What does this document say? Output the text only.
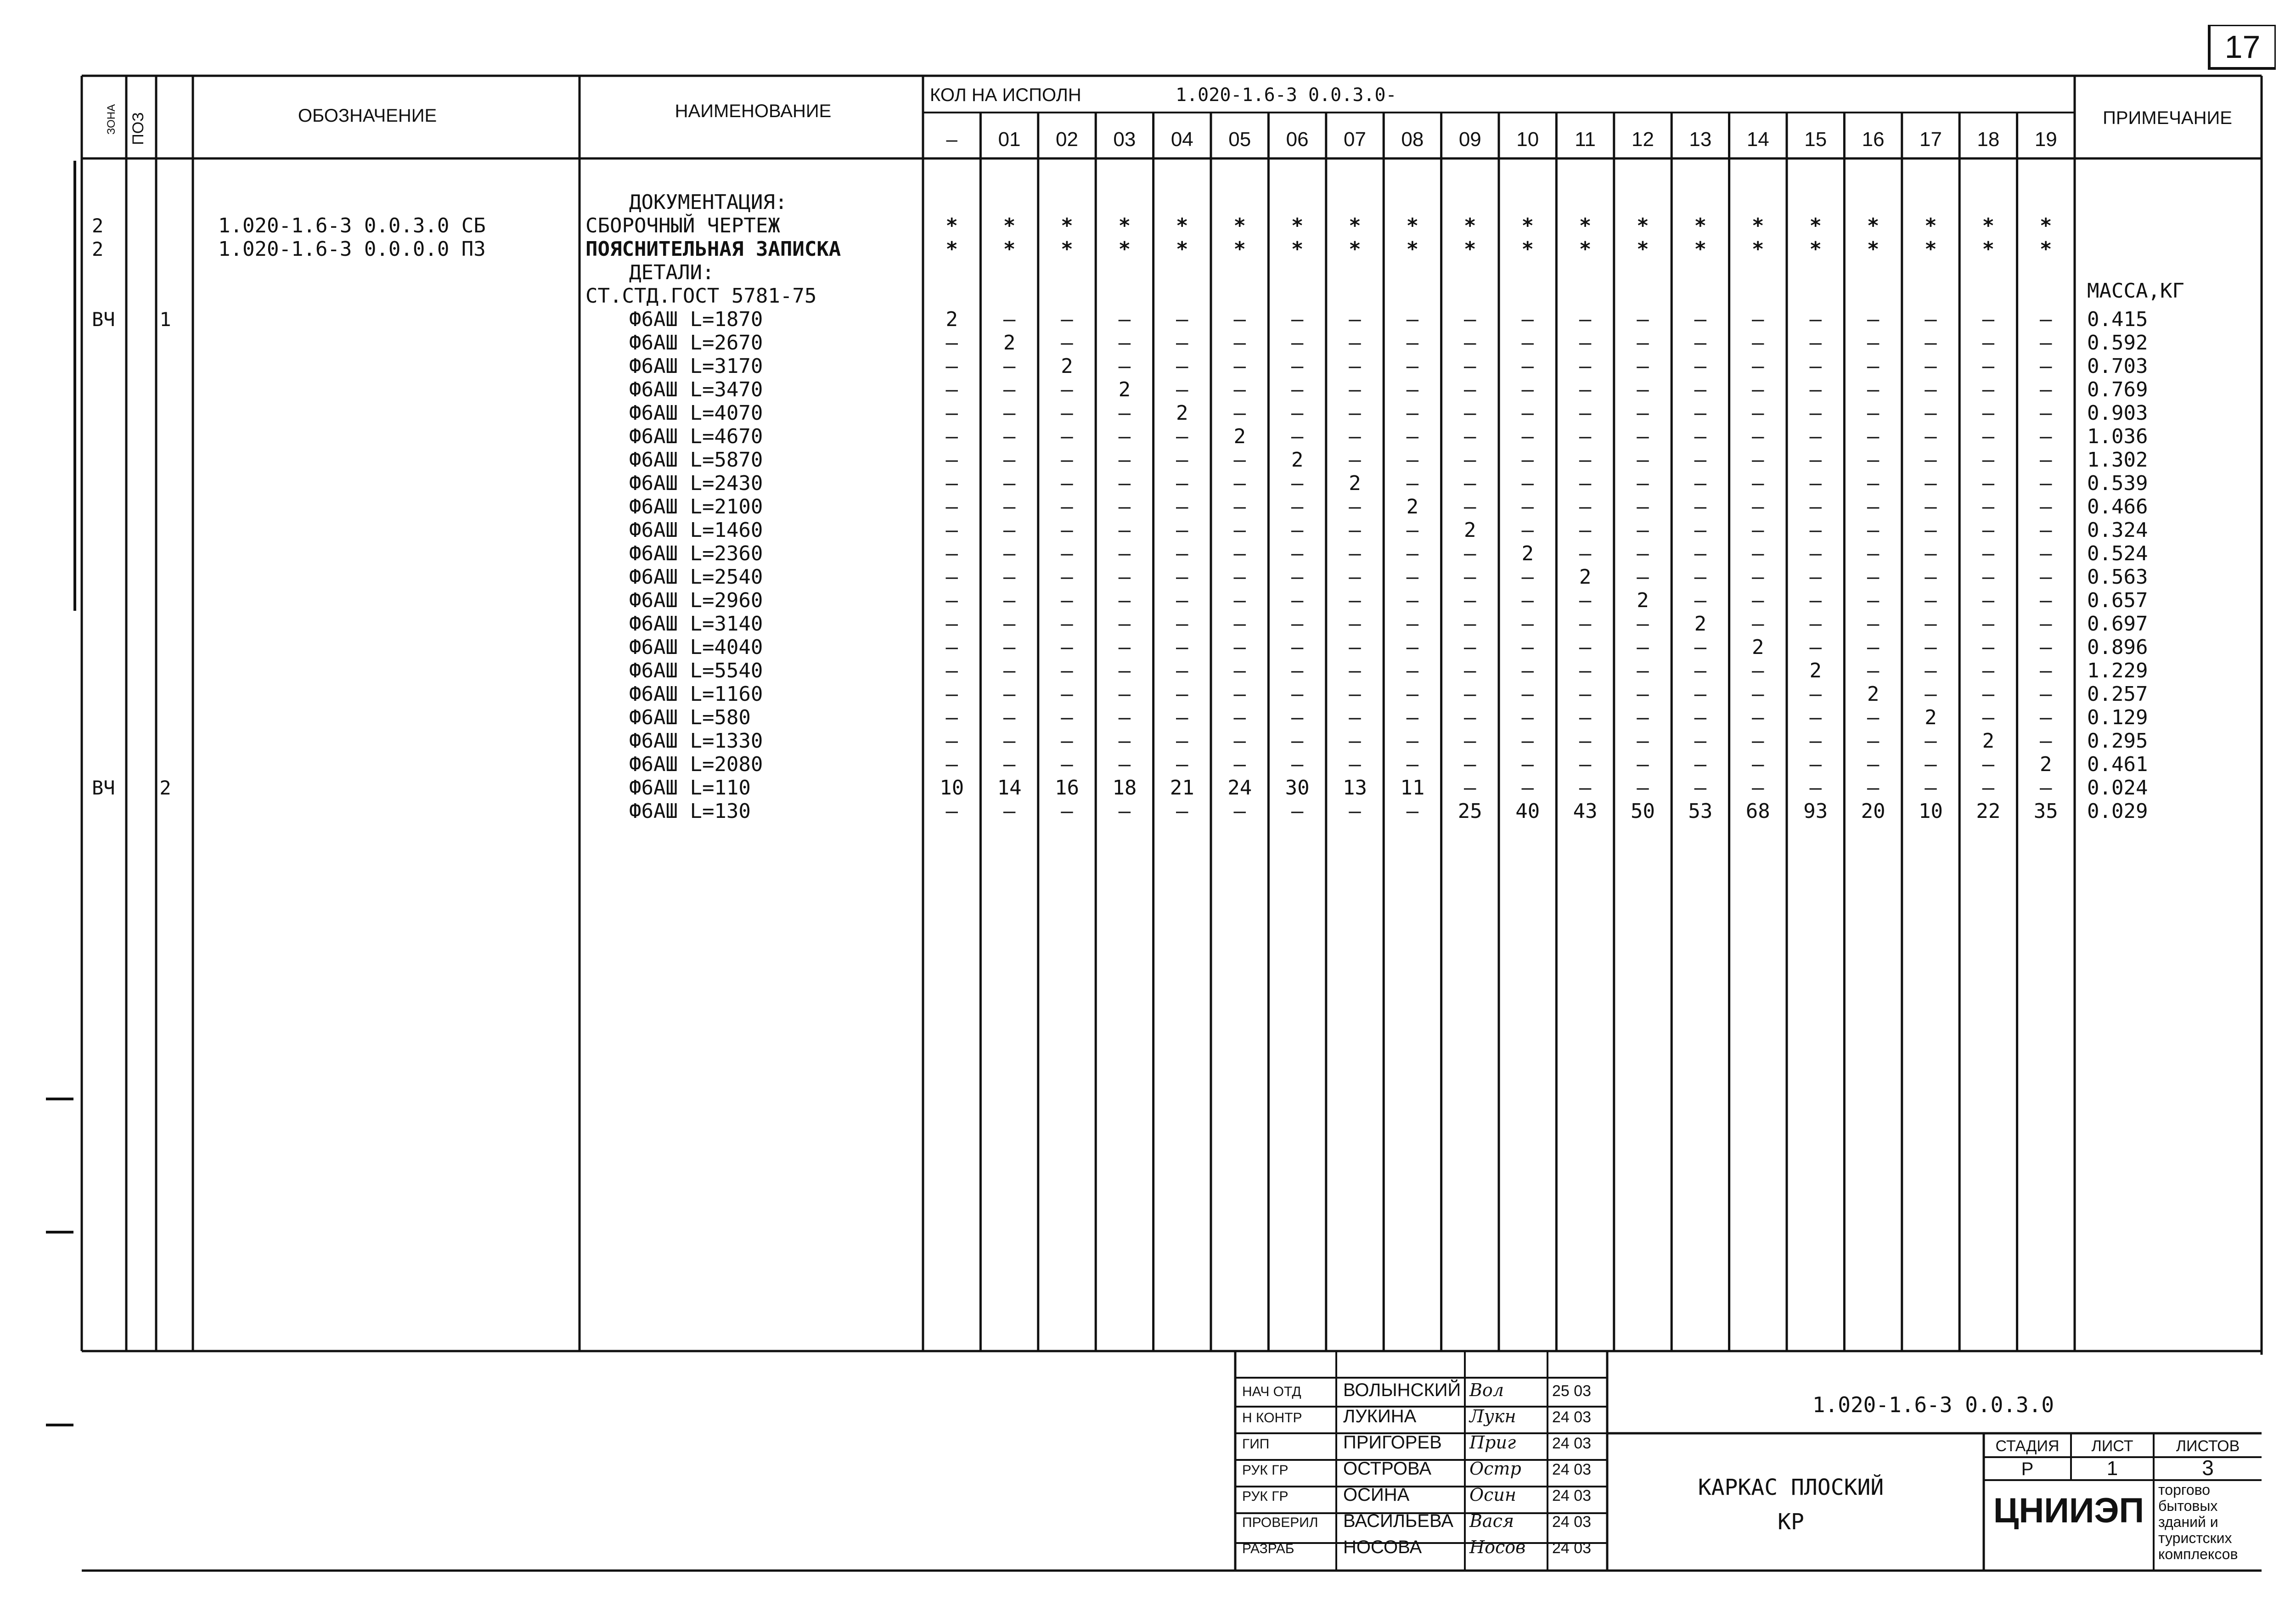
ЗОНА ПОЗ	ОБОЗНАЧЕНИЕ	НАИМЕНОВАНИЕ
КОЛ НА ИСПОЛН	1.020-1.6-3 0.0.3.0-
ПРИМЕЧАНИЕ
– 01 02 03 04 05 06 07 08 09 10 11 12 13 14 15 16 17 18 19
ДОКУМЕНТАЦИЯ:
2	1.020-1.6-3 0.0.3.0 СБ	СБОРОЧНЫЙ ЧЕРТЕЖ	* * * * * * * * * * * * * * * * * * * *
2	1.020-1.6-3 0.0.0.0 ПЗ	ПОЯСНИТЕЛЬНАЯ ЗАПИСКА	* * * * * * * * * * * * * * * * * * * *
ДЕТАЛИ:
МАССА,КГ
СТ.СТД.ГОСТ 5781-75
ВЧ 1	Ф6АШ L=1870	2 – – – – – – – – – – – – – – – – – – – 0.415
Ф6АШ L=2670	– 2 – – – – – – – – – – – – – – – – – – 0.592
Ф6АШ L=3170	– – 2 – – – – – – – – – – – – – – – – – 0.703
Ф6АШ L=3470	– – – 2 – – – – – – – – – – – – – – – – 0.769
Ф6АШ L=4070	– – – – 2 – – – – – – – – – – – – – – – 0.903
Ф6АШ L=4670	– – – – – 2 – – – – – – – – – – – – – – 1.036
Ф6АШ L=5870	– – – – – – 2 – – – – – – – – – – – – – 1.302
Ф6АШ L=2430	– – – – – – – 2 – – – – – – – – – – – – 0.539
Ф6АШ L=2100	– – – – – – – – 2 – – – – – – – – – – – 0.466
Ф6АШ L=1460	– – – – – – – – – 2 – – – – – – – – – – 0.324
Ф6АШ L=2360	– – – – – – – – – – 2 – – – – – – – – – 0.524
Ф6АШ L=2540	– – – – – – – – – – – 2 – – – – – – – – 0.563
Ф6АШ L=2960	– – – – – – – – – – – – 2 – – – – – – – 0.657
Ф6АШ L=3140	– – – – – – – – – – – – – 2 – – – – – – 0.697
Ф6АШ L=4040	– – – – – – – – – – – – – – 2 – – – – – 0.896
Ф6АШ L=5540	– – – – – – – – – – – – – – – 2 – – – – 1.229
Ф6АШ L=1160	– – – – – – – – – – – – – – – – 2 – – – 0.257
Ф6АШ L=580	– – – – – – – – – – – – – – – – – 2 – – 0.129
Ф6АШ L=1330	– – – – – – – – – – – – – – – – – – 2 – 0.295
Ф6АШ L=2080	– – – – – – – – – – – – – – – – – – – 2 0.461
ВЧ 2	Ф6АШ L=110	10 14 16 18 21 24 30 13 11 – – – – – – – – – – – 0.024
Ф6АШ L=130	– – – – – – – – – 25 40 43 50 53 68 93 20 10 22 35 0.029
НАЧ ОТД ВОЛЫНСКИЙ Вол	25 03
Н КОНТР ЛУКИНА	Лукн 24 03
ГИП	ПРИГОРЕВ Приг 24 03
РУК ГР	ОСТРОВА Остр 24 03
РУК ГР	ОСИНА	Осин 24 03
ПРОВЕРИЛ ВАСИЛЬЕВА Вася 24 03
РАЗРАБ	НОСОВА	Носов 24 03
1.020-1.6-3 0.0.3.0
КАРКАС ПЛОСКИЙ
КР
СТАДИЯ ЛИСТ	ЛИСТОВ
Р	1	3
ЦНИИЭП
торгово
бытовых
зданий и
туристских
комплексов
17
